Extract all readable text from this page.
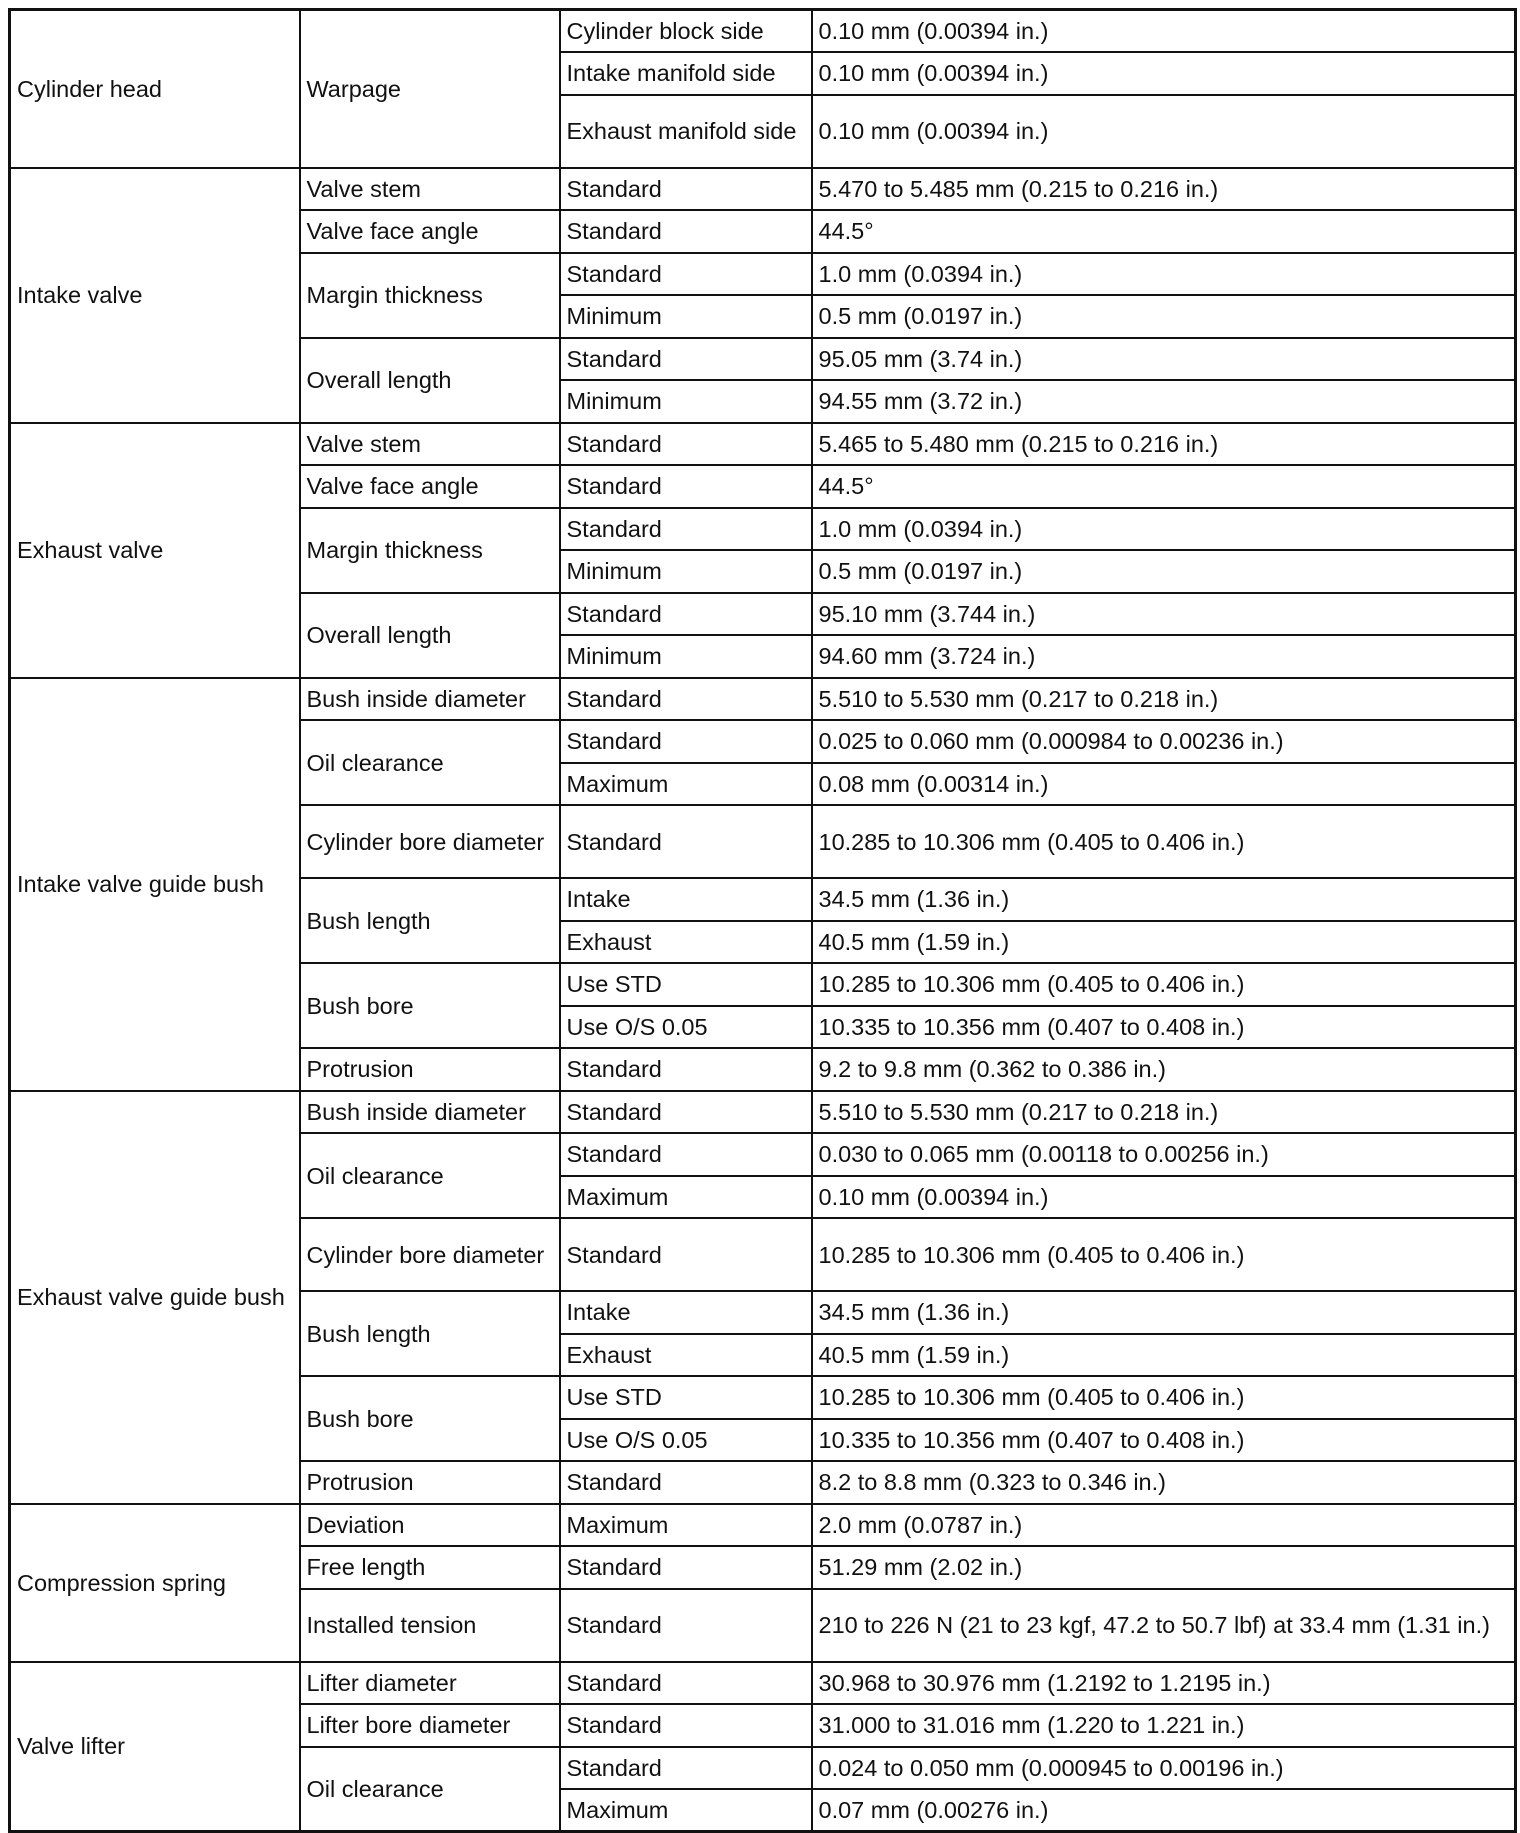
Cylinder head	Warpage	Cylinder block side	0.10 mm (0.00394 in.)
		Intake manifold side	0.10 mm (0.00394 in.)
		Exhaust manifold side	0.10 mm (0.00394 in.)
Intake valve	Valve stem	Standard	5.470 to 5.485 mm (0.215 to 0.216 in.)
	Valve face angle	Standard	44.5°
	Margin thickness	Standard	1.0 mm (0.0394 in.)
		Minimum	0.5 mm (0.0197 in.)
	Overall length	Standard	95.05 mm (3.74 in.)
		Minimum	94.55 mm (3.72 in.)
Exhaust valve	Valve stem	Standard	5.465 to 5.480 mm (0.215 to 0.216 in.)
	Valve face angle	Standard	44.5°
	Margin thickness	Standard	1.0 mm (0.0394 in.)
		Minimum	0.5 mm (0.0197 in.)
	Overall length	Standard	95.10 mm (3.744 in.)
		Minimum	94.60 mm (3.724 in.)
Intake valve guide bush	Bush inside diameter	Standard	5.510 to 5.530 mm (0.217 to 0.218 in.)
	Oil clearance	Standard	0.025 to 0.060 mm (0.000984 to 0.00236 in.)
		Maximum	0.08 mm (0.00314 in.)
	Cylinder bore diameter	Standard	10.285 to 10.306 mm (0.405 to 0.406 in.)
	Bush length	Intake	34.5 mm (1.36 in.)
		Exhaust	40.5 mm (1.59 in.)
	Bush bore	Use STD	10.285 to 10.306 mm (0.405 to 0.406 in.)
		Use O/S 0.05	10.335 to 10.356 mm (0.407 to 0.408 in.)
	Protrusion	Standard	9.2 to 9.8 mm (0.362 to 0.386 in.)
Exhaust valve guide bush	Bush inside diameter	Standard	5.510 to 5.530 mm (0.217 to 0.218 in.)
	Oil clearance	Standard	0.030 to 0.065 mm (0.00118 to 0.00256 in.)
		Maximum	0.10 mm (0.00394 in.)
	Cylinder bore diameter	Standard	10.285 to 10.306 mm (0.405 to 0.406 in.)
	Bush length	Intake	34.5 mm (1.36 in.)
		Exhaust	40.5 mm (1.59 in.)
	Bush bore	Use STD	10.285 to 10.306 mm (0.405 to 0.406 in.)
		Use O/S 0.05	10.335 to 10.356 mm (0.407 to 0.408 in.)
	Protrusion	Standard	8.2 to 8.8 mm (0.323 to 0.346 in.)
Compression spring	Deviation	Maximum	2.0 mm (0.0787 in.)
	Free length	Standard	51.29 mm (2.02 in.)
	Installed tension	Standard	210 to 226 N (21 to 23 kgf, 47.2 to 50.7 lbf) at 33.4 mm (1.31 in.)
Valve lifter	Lifter diameter	Standard	30.968 to 30.976 mm (1.2192 to 1.2195 in.)
	Lifter bore diameter	Standard	31.000 to 31.016 mm (1.220 to 1.221 in.)
	Oil clearance	Standard	0.024 to 0.050 mm (0.000945 to 0.00196 in.)
		Maximum	0.07 mm (0.00276 in.)
